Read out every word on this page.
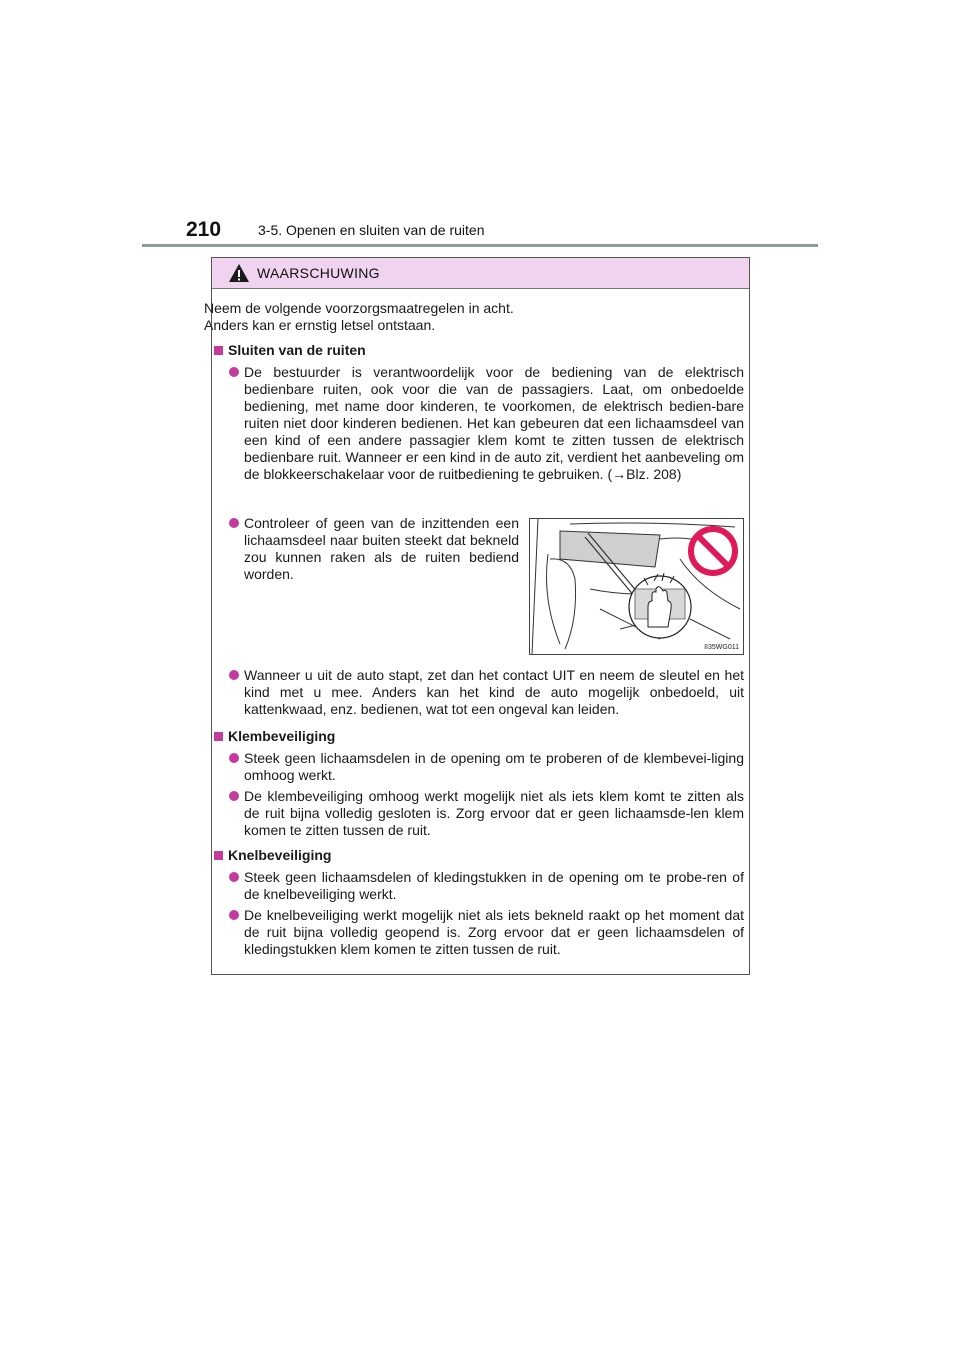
210	3-5. Openen en sluiten van de ruiten
WAARSCHUWING
Neem de volgende voorzorgsmaatregelen in acht.
Anders kan er ernstig letsel ontstaan.
Sluiten van de ruiten
De bestuurder is verantwoordelijk voor de bediening van de elektrisch bedienbare ruiten, ook voor die van de passagiers. Laat, om onbedoelde bediening, met name door kinderen, te voorkomen, de elektrisch bedien-bare ruiten niet door kinderen bedienen. Het kan gebeuren dat een lichaamsdeel van een kind of een andere passagier klem komt te zitten tussen de elektrisch bedienbare ruit. Wanneer er een kind in de auto zit, verdient het aanbeveling om de blokkeerschakelaar voor de ruitbediening te gebruiken. (→Blz. 208)
Controleer of geen van de inzittenden een lichaamsdeel naar buiten steekt dat bekneld zou kunnen raken als de ruiten bediend worden.
II35WG011
Wanneer u uit de auto stapt, zet dan het contact UIT en neem de sleutel en het kind met u mee. Anders kan het kind de auto mogelijk onbedoeld, uit kattenkwaad, enz. bedienen, wat tot een ongeval kan leiden.
Klembeveiliging
Steek geen lichaamsdelen in de opening om te proberen of de klembevei-liging omhoog werkt.
De klembeveiliging omhoog werkt mogelijk niet als iets klem komt te zitten als de ruit bijna volledig gesloten is. Zorg ervoor dat er geen lichaamsde-len klem komen te zitten tussen de ruit.
Knelbeveiliging
Steek geen lichaamsdelen of kledingstukken in de opening om te probe-ren of de knelbeveiliging werkt.
De knelbeveiliging werkt mogelijk niet als iets bekneld raakt op het moment dat de ruit bijna volledig geopend is. Zorg ervoor dat er geen lichaamsdelen of kledingstukken klem komen te zitten tussen de ruit.
